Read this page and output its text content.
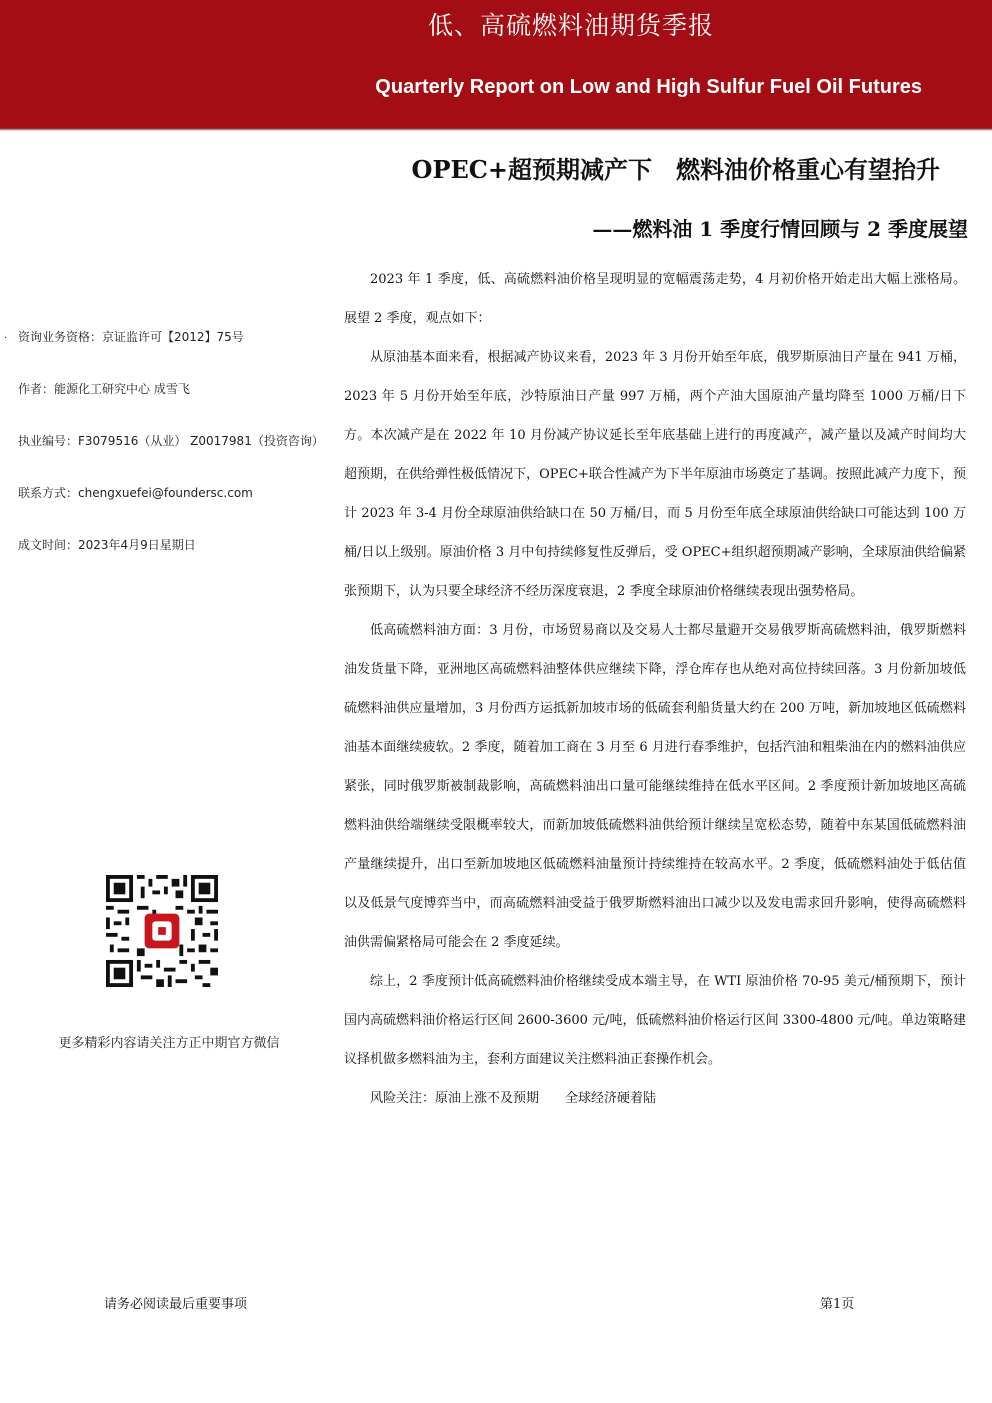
低、高硫燃料油期货季报
Quarterly Report on Low and High Sulfur Fuel Oil Futures
OPEC+超预期减产下　燃料油价格重心有望抬升
——燃料油 1 季度行情回顾与 2 季度展望
· 资询业务资格：京证监许可【2012】75号
作者：能源化工研究中心 成雪飞
执业编号：F3079516（从业） Z0017981（投资咨询）
联系方式：chengxuefei@foundersc.com
成文时间：2023年4月9日星期日
更多精彩内容请关注方正中期官方微信

2023 年 1 季度，低、高硫燃料油价格呈现明显的宽幅震荡走势，4 月初价格开始走出大幅上涨格局。展望 2 季度，观点如下：

从原油基本面来看，根据减产协议来看，2023 年 3 月份开始至年底，俄罗斯原油日产量在 941 万桶，2023 年 5 月份开始至年底，沙特原油日产量 997 万桶，两个产油大国原油产量均降至 1000 万桶/日下方。本次减产是在 2022 年 10 月份减产协议延长至年底基础上进行的再度减产，减产量以及减产时间均大超预期，在供给弹性极低情况下，OPEC+联合性减产为下半年原油市场奠定了基调。按照此减产力度下，预计 2023 年 3-4 月份全球原油供给缺口在 50 万桶/日，而 5 月份至年底全球原油供给缺口可能达到 100 万桶/日以上级别。原油价格 3 月中旬持续修复性反弹后，受 OPEC+组织超预期减产影响，全球原油供给偏紧张预期下，认为只要全球经济不经历深度衰退，2 季度全球原油价格继续表现出强势格局。

低高硫燃料油方面：3 月份，市场贸易商以及交易人士都尽量避开交易俄罗斯高硫燃料油，俄罗斯燃料油发货量下降，亚洲地区高硫燃料油整体供应继续下降，浮仓库存也从绝对高位持续回落。3 月份新加坡低硫燃料油供应量增加，3 月份西方运抵新加坡市场的低硫套利船货量大约在 200 万吨，新加坡地区低硫燃料油基本面继续疲软。2 季度，随着加工商在 3 月至 6 月进行春季维护，包括汽油和粗柴油在内的燃料油供应紧张，同时俄罗斯被制裁影响，高硫燃料油出口量可能继续维持在低水平区间。2 季度预计新加坡地区高硫燃料油供给端继续受限概率较大，而新加坡低硫燃料油供给预计继续呈宽松态势，随着中东某国低硫燃料油产量继续提升，出口至新加坡地区低硫燃料油量预计持续维持在较高水平。2 季度，低硫燃料油处于低估值以及低景气度博弈当中，而高硫燃料油受益于俄罗斯燃料油出口减少以及发电需求回升影响，使得高硫燃料油供需偏紧格局可能会在 2 季度延续。

综上，2 季度预计低高硫燃料油价格继续受成本端主导，在 WTI 原油价格 70-95 美元/桶预期下，预计国内高硫燃料油价格运行区间 2600-3600 元/吨，低硫燃料油价格运行区间 3300-4800 元/吨。单边策略建议择机做多燃料油为主，套利方面建议关注燃料油正套操作机会。

风险关注：原油上涨不及预期　　全球经济硬着陆

请务必阅读最后重要事项	第1页
